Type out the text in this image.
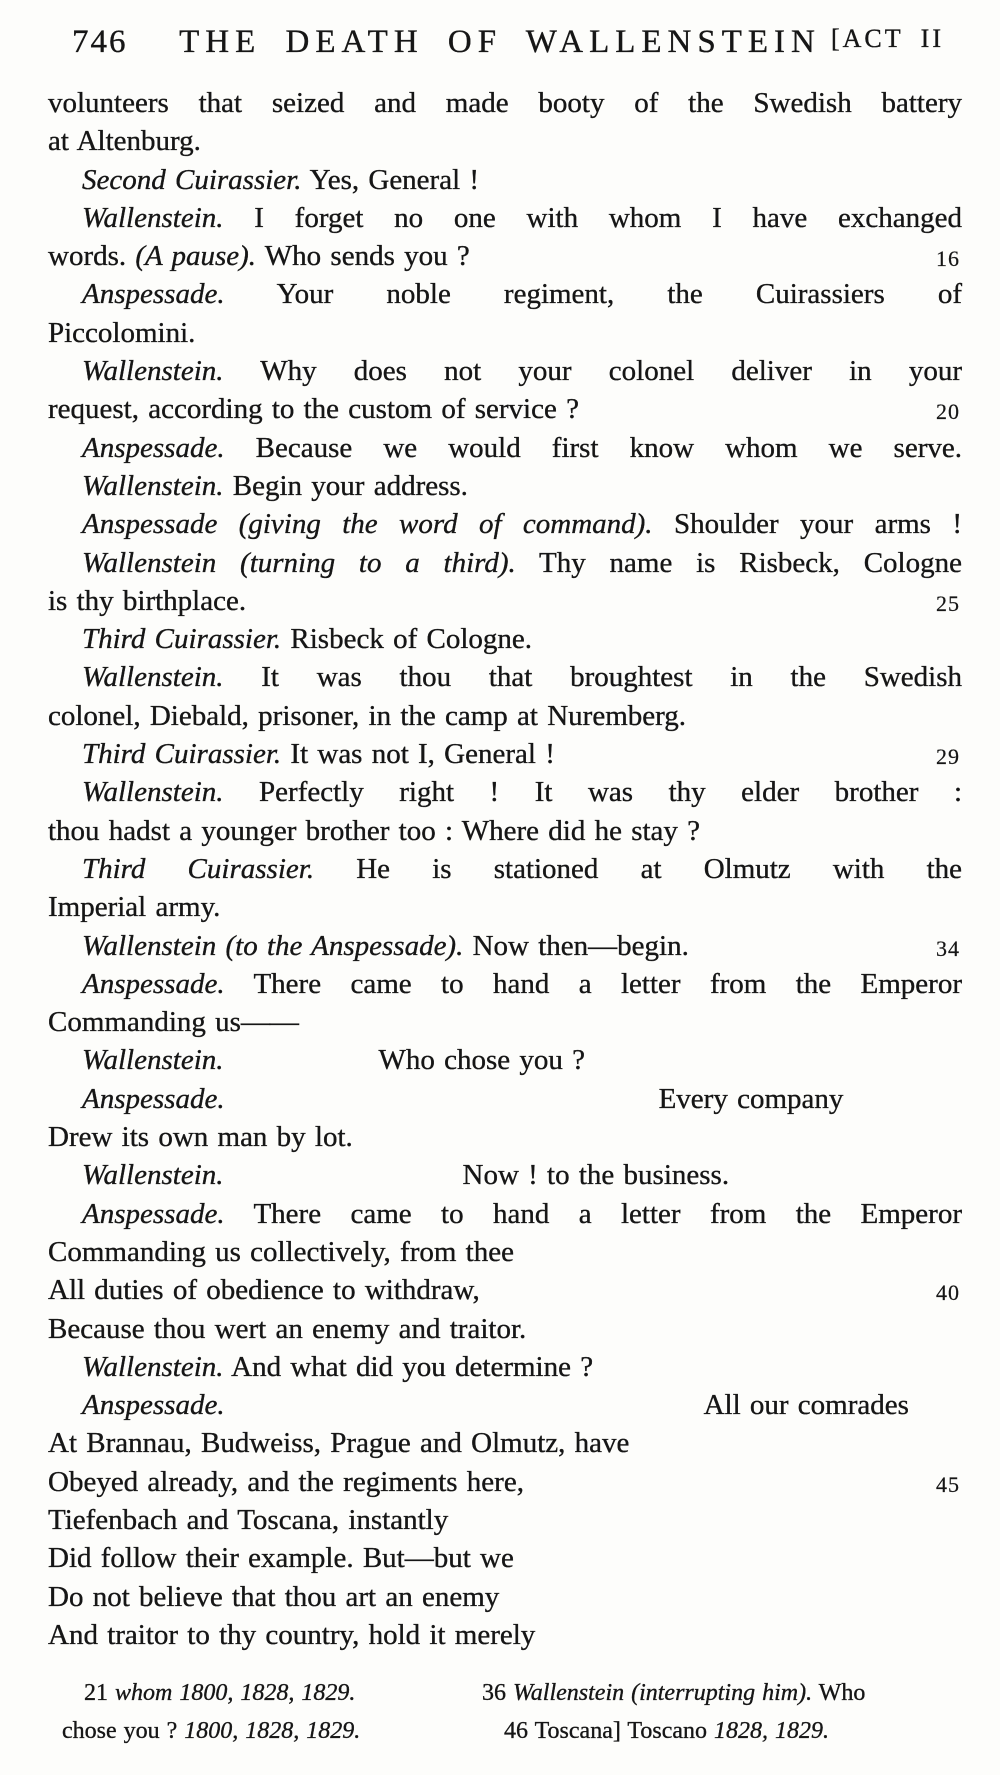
746	THE DEATH OF WALLENSTEIN [ACT II
volunteers that seized and made booty of the Swedish battery
at Altenburg.
Second Cuirassier. Yes, General !
Wallenstein. I forget no one with whom I have exchanged
words. (A pause). Who sends you ?	16
Anspessade. Your noble regiment, the Cuirassiers of
Piccolomini.
Wallenstein. Why does not your colonel deliver in your
request, according to the custom of service ?	20
Anspessade. Because we would first know whom we serve.
Wallenstein. Begin your address.
Anspessade (giving the word of command). Shoulder your arms !
Wallenstein (turning to a third). Thy name is Risbeck, Cologne
is thy birthplace.	25
Third Cuirassier. Risbeck of Cologne.
Wallenstein. It was thou that broughtest in the Swedish
colonel, Diebald, prisoner, in the camp at Nuremberg.
Third Cuirassier. It was not I, General !	29
Wallenstein. Perfectly right ! It was thy elder brother :
thou hadst a younger brother too : Where did he stay ?
Third Cuirassier. He is stationed at Olmutz with the
Imperial army.
Wallenstein (to the Anspessade). Now then—begin.	34
Anspessade. There came to hand a letter from the Emperor
Commanding us——
Wallenstein.	Who chose you ?
Anspessade.	Every company
Drew its own man by lot.
Wallenstein.	Now ! to the business.
Anspessade. There came to hand a letter from the Emperor
Commanding us collectively, from thee
All duties of obedience to withdraw,	40
Because thou wert an enemy and traitor.
Wallenstein. And what did you determine ?
Anspessade.	All our comrades
At Brannau, Budweiss, Prague and Olmutz, have
Obeyed already, and the regiments here,	45
Tiefenbach and Toscana, instantly
Did follow their example. But—but we
Do not believe that thou art an enemy
And traitor to thy country, hold it merely
21 whom 1800, 1828, 1829.
chose you ? 1800, 1828, 1829.
36 Wallenstein (interrupting him). Who
46 Toscana] Toscano 1828, 1829.
